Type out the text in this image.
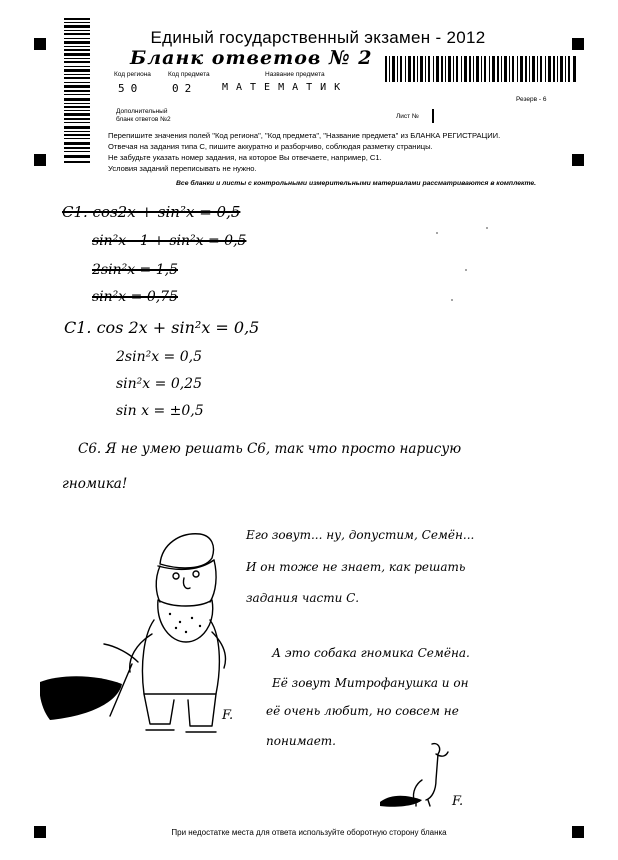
Единый государственный экзамен - 2012
Бланк ответов № 2
Код региона	Код предмета	Название предмета
50	02 МАТЕМАТИК
Резерв - 6
Дополнительный
бланк ответов №2	Лист №
Перепишите значения полей "Код региона", "Код предмета", "Название предмета" из БЛАНКА РЕГИСТРАЦИИ.
Отвечая на задания типа С, пишите аккуратно и разборчиво, соблюдая разметку страницы.
Не забудьте указать номер задания, на которое Вы отвечаете, например, С1.
Условия заданий переписывать не нужно.
Все бланки и листы с контрольными измерительными материалами рассматриваются в комплекте.
C1. cos2x + sin²x = 0,5
sin²x - 1 + sin²x = 0,5
2sin²x = 1,5
sin²x = 0,75
C1. cos 2x + sin²x = 0,5
2sin²x = 0,5
sin²x = 0,25
sin x = ±0,5
C6. Я не умею решать C6, так что просто нарисую
гномика!
Его зовут... ну, допустим, Семён...
И он тоже не знает, как решать
задания части С.
А это собака гномика Семёна.
Её зовут Митрофанушка и он
её очень любит, но совсем не
понимает.
F.
F.
При недостатке места для ответа используйте оборотную сторону бланка
